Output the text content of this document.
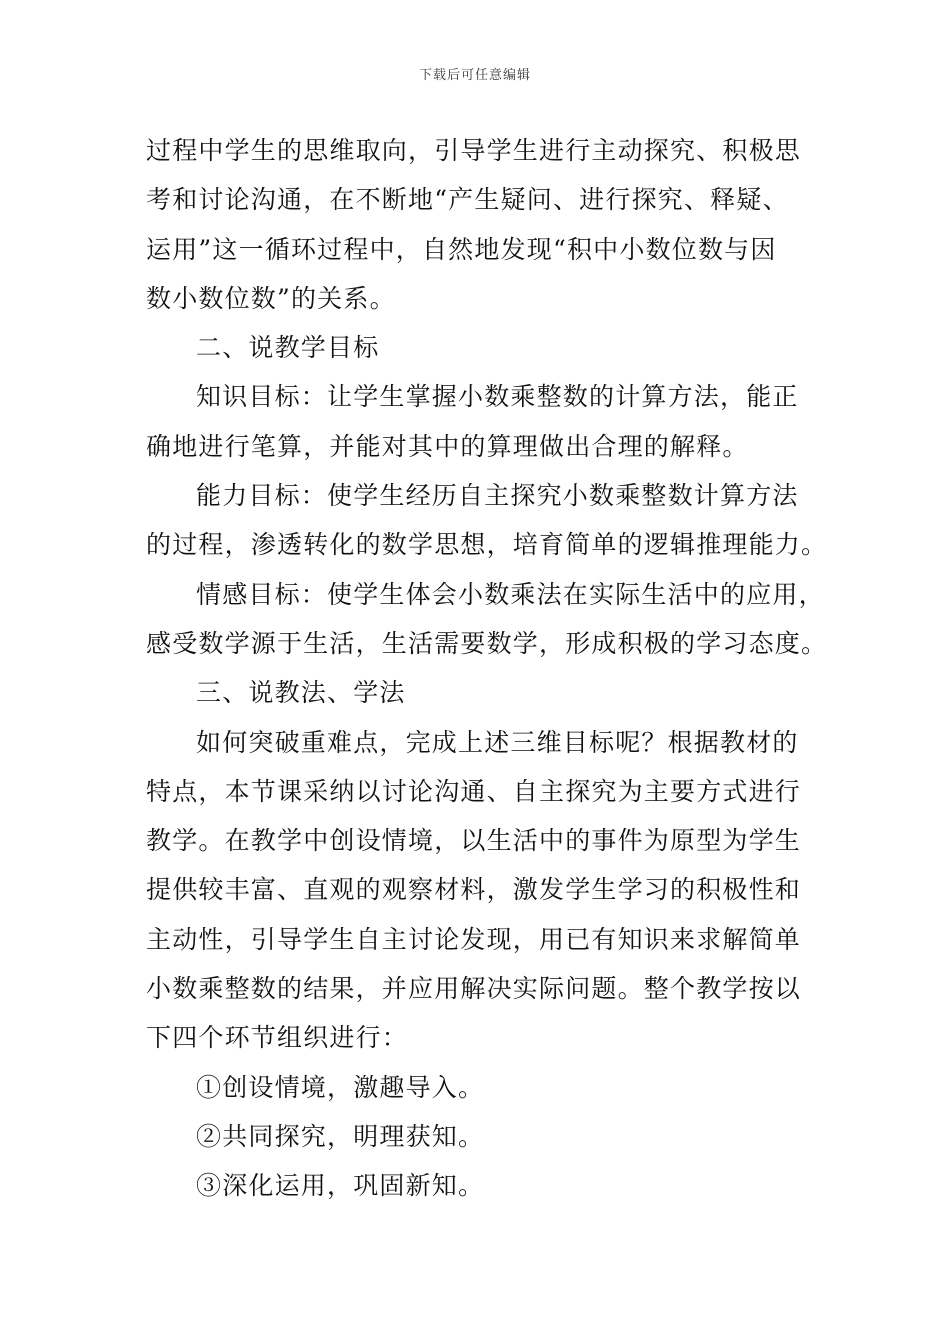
下载后可任意编辑
过程中学生的思维取向，引导学生进行主动探究、积极思
考和讨论沟通，在不断地“产生疑问、进行探究、释疑、
运用”这一循环过程中，自然地发现“积中小数位数与因
数小数位数”的关系。
二、说教学目标
知识目标：让学生掌握小数乘整数的计算方法，能正
确地进行笔算，并能对其中的算理做出合理的解释。
能力目标：使学生经历自主探究小数乘整数计算方法
的过程，渗透转化的数学思想，培育简单的逻辑推理能力。
情感目标：使学生体会小数乘法在实际生活中的应用，
感受数学源于生活，生活需要数学，形成积极的学习态度。
三、说教法、学法
如何突破重难点，完成上述三维目标呢？根据教材的
特点，本节课采纳以讨论沟通、自主探究为主要方式进行
教学。在教学中创设情境，以生活中的事件为原型为学生
提供较丰富、直观的观察材料，激发学生学习的积极性和
主动性，引导学生自主讨论发现，用已有知识来求解简单
小数乘整数的结果，并应用解决实际问题。整个教学按以
下四个环节组织进行：
①创设情境，激趣导入。
②共同探究，明理获知。
③深化运用，巩固新知。
